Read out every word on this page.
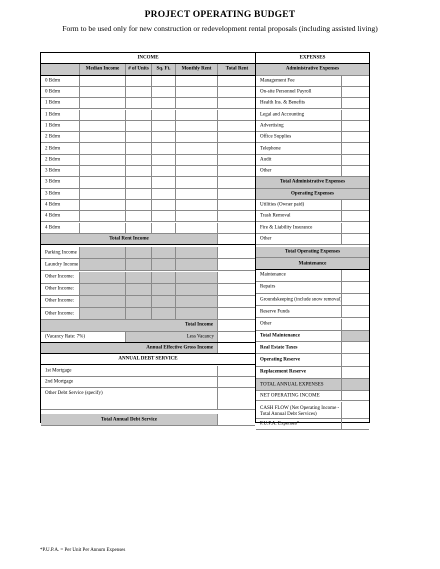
PROJECT OPERATING BUDGET
Form to be used only for new construction or redevelopment rental proposals (including assisted living)
INCOME
Median Income	# of Units	Sq. Ft.	Monthly Rent	Total Rent
0 Bdrm
0 Bdrm
1 Bdrm
1 Bdrm
1 Bdrm
2 Bdrm
2 Bdrm
2 Bdrm
3 Bdrm
3 Bdrm
3 Bdrm
4 Bdrm
4 Bdrm
4 Bdrm
Total Rent Income
Parking Income
Laundry Income
Other Income:
Other Income:
Other Income:
Other Income:
Total Income
(Vacancy Rate: 7%)	Less Vacancy
Annual Effective Gross Income
ANNUAL DEBT SERVICE
1st Mortgage
2nd Mortgage
Other Debt Service (specify)
Total Annual Debt Service
EXPENSES
Administrative Expenses
Management Fee
On-site Personnel Payroll
Health Ins. & Benefits
Legal and Accounting
Advertising
Office Supplies
Telephone
Audit
Other
Total Administrative Expenses
Operating Expenses
Utilities (Owner paid)
Trash Removal
Fire & Liability Insurance
Other
Total Operating Expenses
Maintenance
Maintenance
Repairs
Groundskeeping (include snow removal)
Reserve Funds
Other
Total Maintenance
Real Estate Taxes
Operating Reserve
Replacement Reserve
TOTAL ANNUAL EXPENSES
NET OPERATING INCOME
CASH FLOW (Net Operating Income -
Total Annual Debt Services)
P.U.P.A. Expenses*
*P.U.P.A. = Per Unit Per Annum Expenses
